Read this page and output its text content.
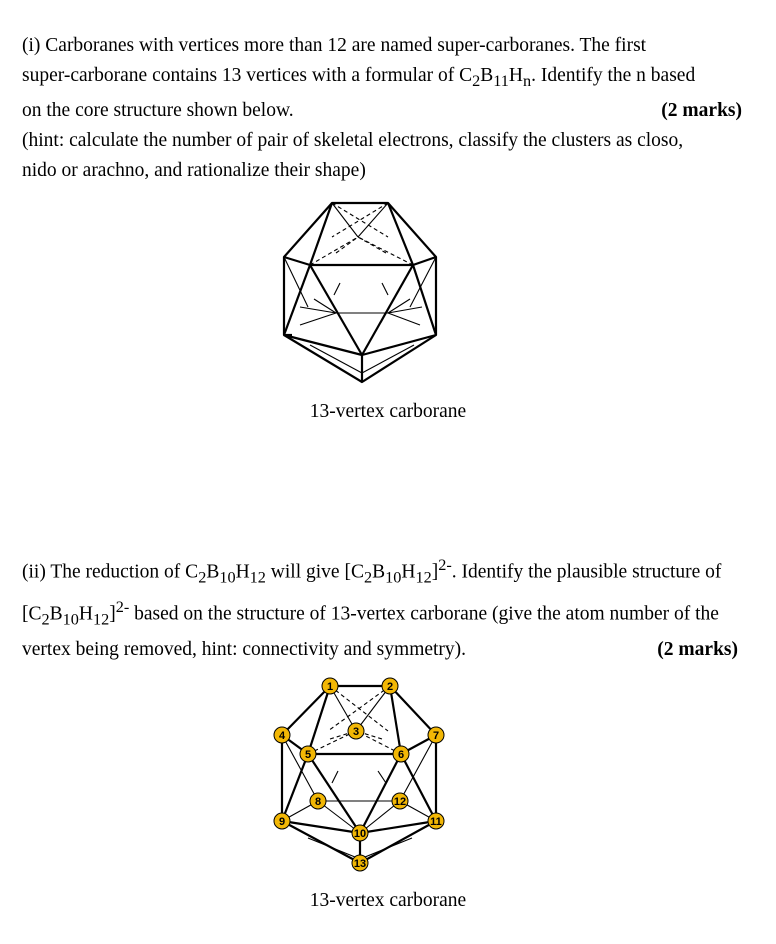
(i) Carboranes with vertices more than 12 are named super-carboranes. The first
super-carborane contains 13 vertices with a formular of $C_2B_{11}H_n$. Identify the n based
on the core structure shown below.	(2 marks)
(hint: calculate the number of pair of skeletal electrons, classify the clusters as closo,
nido or arachno, and rationalize their shape)
13-vertex carborane
(ii) The reduction of $C_2B_{10}H_{12}$ will give $[C_2B_{10}H_{12}]^{2-}$. Identify the plausible structure of
$[C_2B_{10}H_{12}]^{2-}$ based on the structure of 13-vertex carborane (give the atom number of the
vertex being removed, hint: connectivity and symmetry).	(2 marks)
1	2
3
4
5	6
7
8
9
10
11
12
13
13-vertex carborane
